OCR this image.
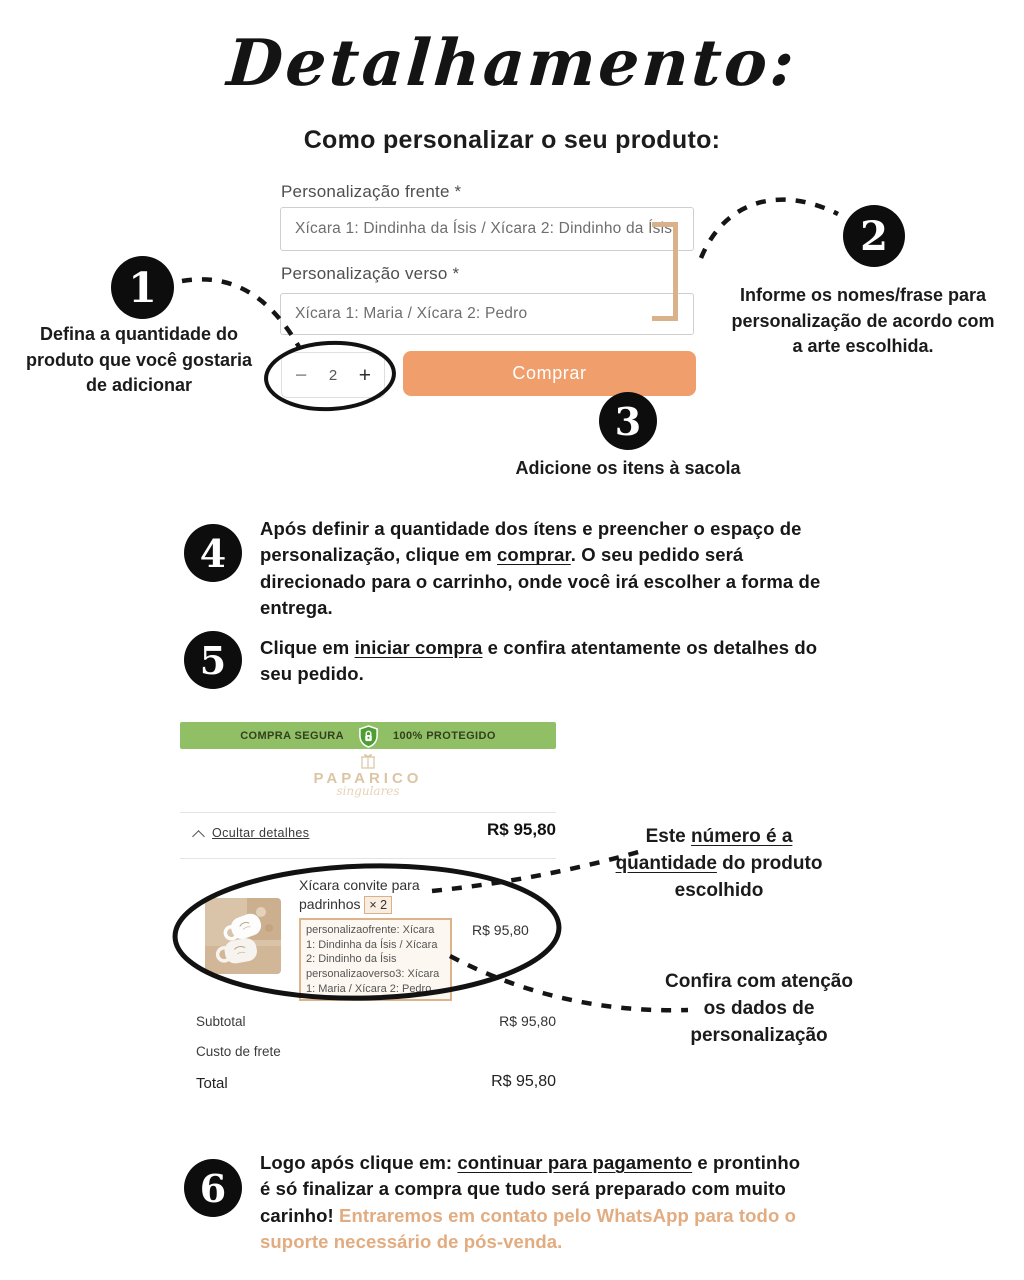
Detalhamento:
Como personalizar o seu produto:
Personalização frente *
Xícara 1: Dindinha da Ísis / Xícara 2: Dindinho da Ísis
Personalização verso *
Xícara 1: Maria / Xícara 2: Pedro
− 2 +	Comprar
1
2
3
4
5
6
Defina a quantidade do produto que você gostaria de adicionar
Informe os nomes/frase para personalização de acordo com a arte escolhida.
Adicione os itens à sacola

Após definir a quantidade dos ítens e preencher o espaço de personalização, clique em comprar. O seu pedido será direcionado para o carrinho, onde você irá escolher a forma de entrega.

Clique em iniciar compra e confira atentamente os detalhes do seu pedido.

COMPRA SEGURA	100% PROTEGIDO
PAPARICO
singulares
Ocultar detalhes	R$ 95,80
Xícara convite para
padrinhos × 2
personalizaofrente: Xícara
1: Dindinha da Ísis / Xícara
2: Dindinho da Ísis
personalizaoverso3: Xícara
1: Maria / Xícara 2: Pedro
R$ 95,80
Este número é a quantidade do produto escolhido
Confira com atenção os dados de personalização
Subtotal	R$ 95,80
Custo de frete
Total	R$ 95,80

Logo após clique em: continuar para pagamento e prontinho é só finalizar a compra que tudo será preparado com muito carinho! Entraremos em contato pelo WhatsApp para todo o suporte necessário de pós-venda.
